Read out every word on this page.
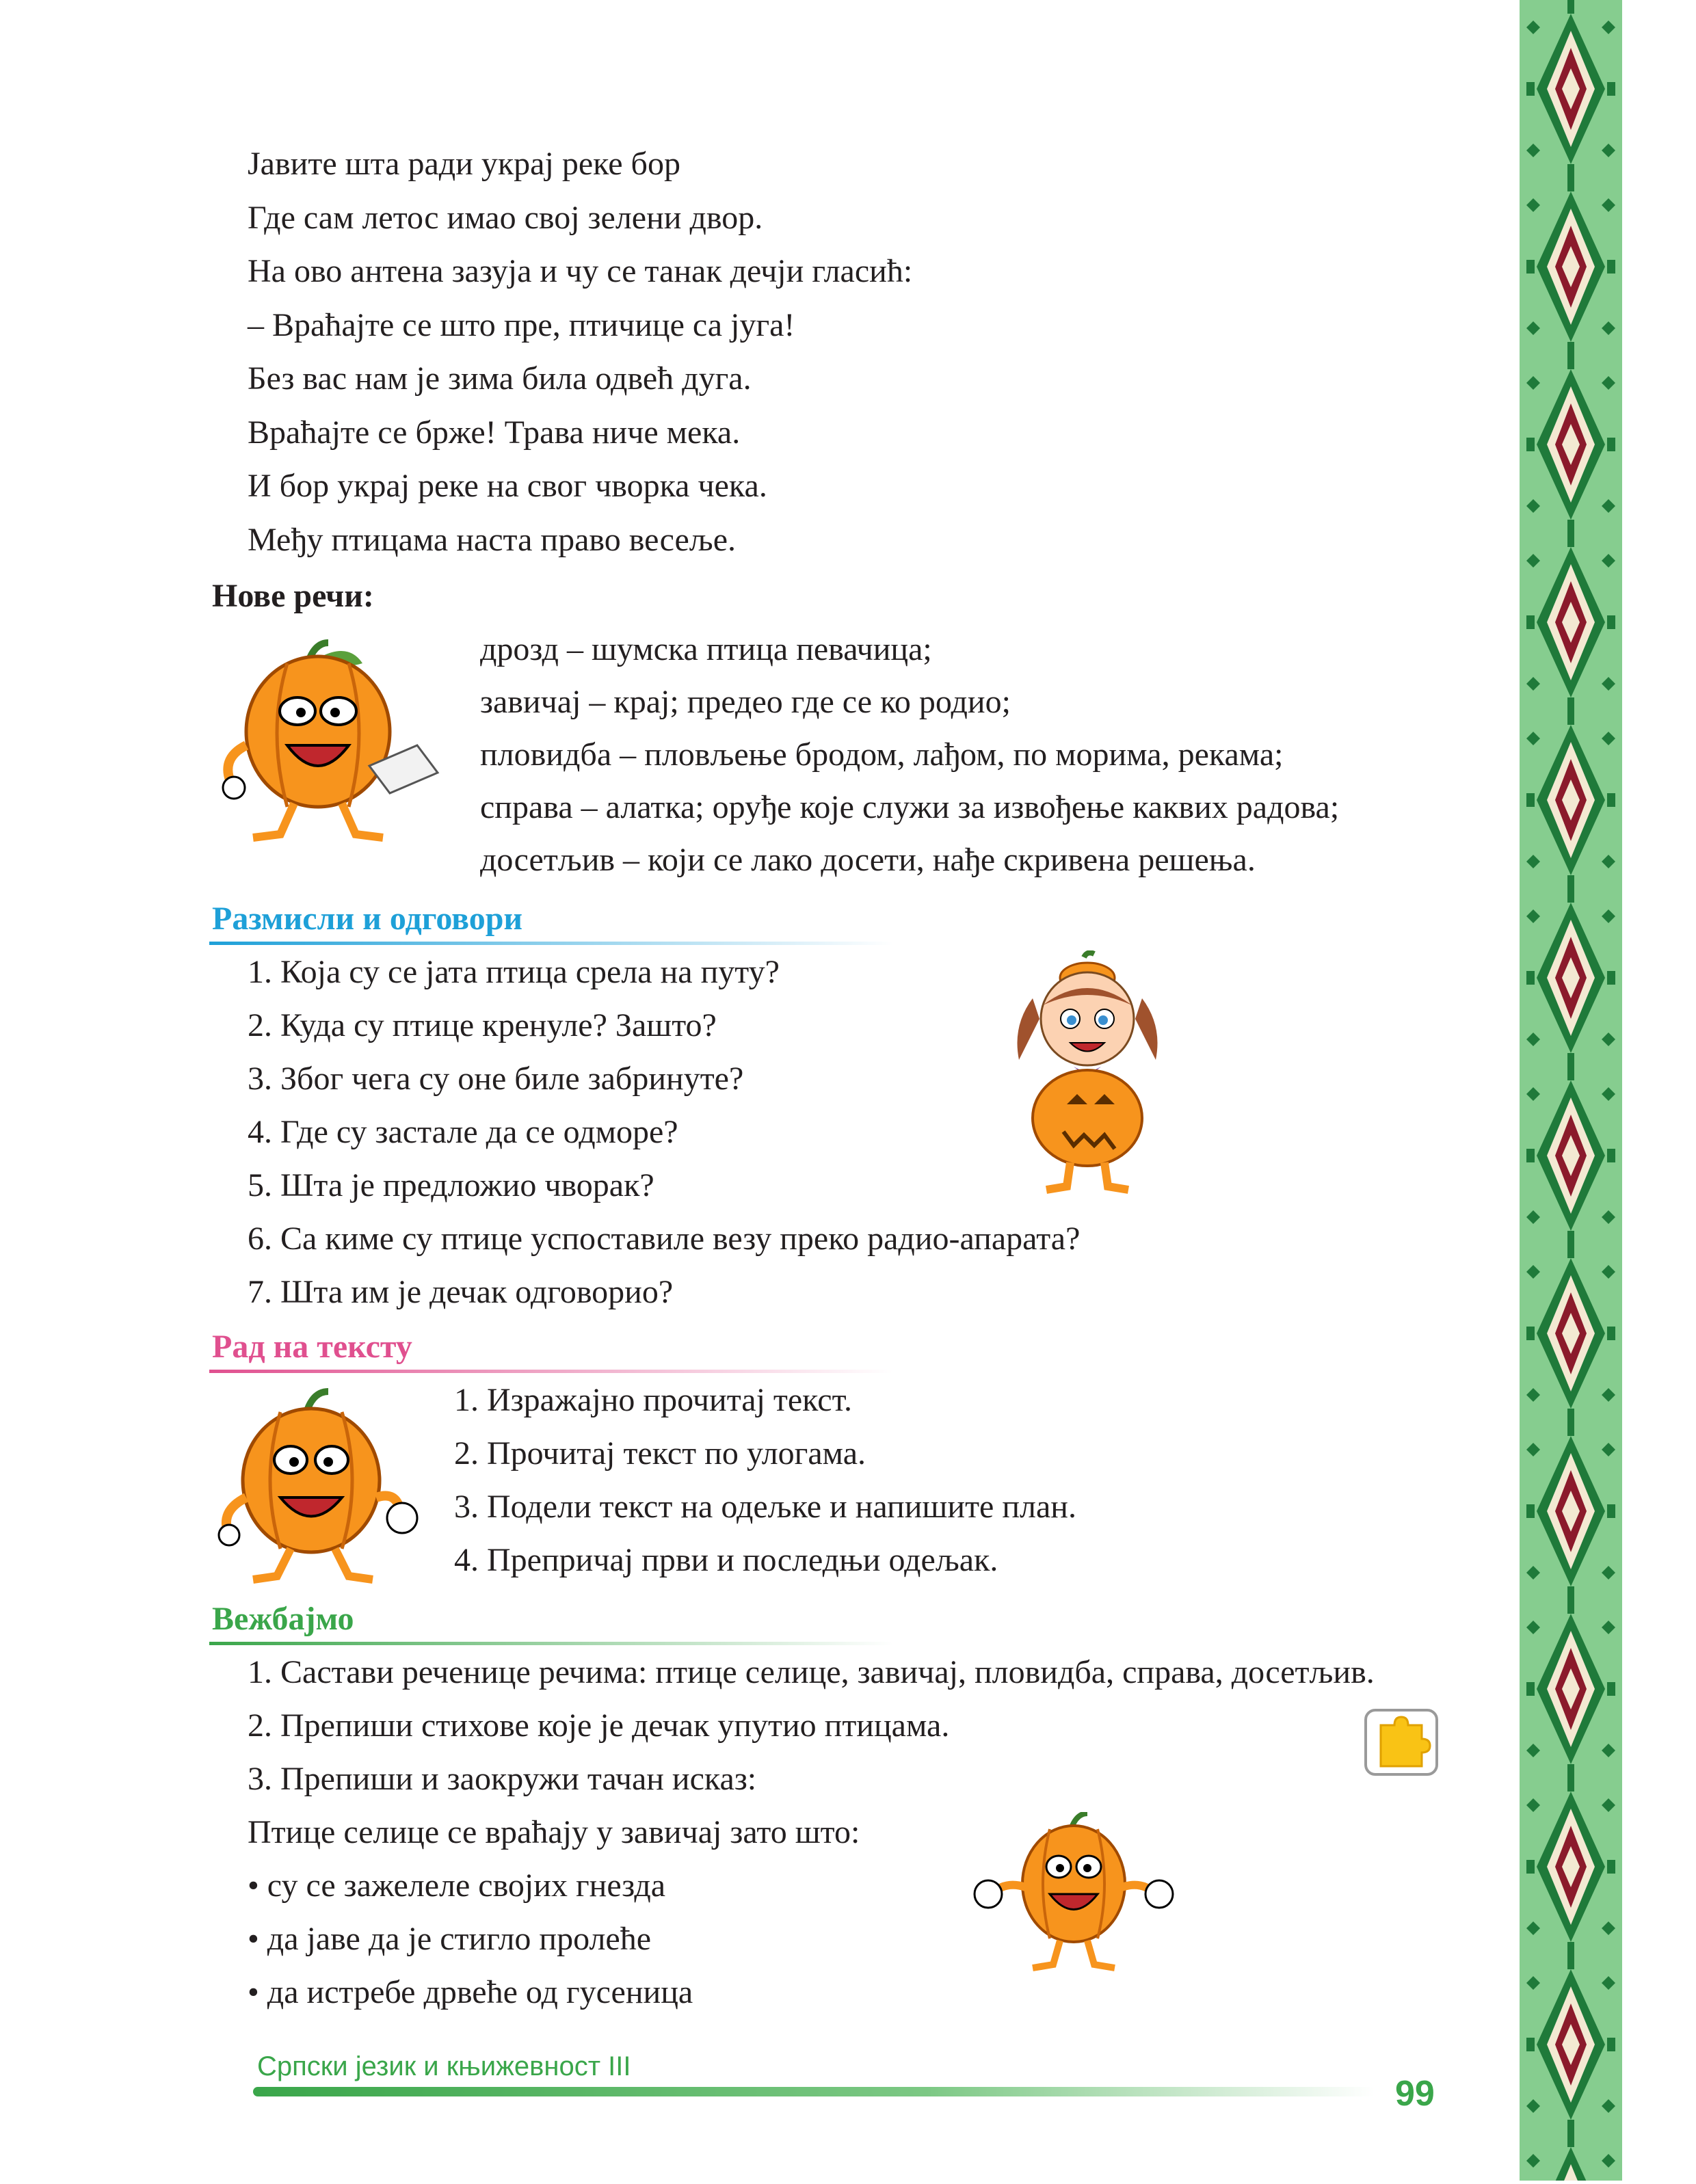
Јавите шта ради украј реке бор
Где сам летос имао свој зелени двор.
На ово антена зазуја и чу се танак дечји гласић:
– Враћајте се што пре, птичице са југа!
Без вас нам је зима била одвећ дуга.
Враћајте се брже! Трава ниче мека.
И бор украј реке на свог чворка чека.
Међу птицама наста право весеље.
Нове речи:
дрозд – шумска птица певачица;
завичај – крај; предео где се ко родио;
пловидба – пловљење бродом, лађом, по морима, рекама;
справа – алатка; оруђе које служи за извођење каквих радова;
досетљив – који се лако досети, нађе скривена решења.
Размисли и одговори
1. Која су се јата птица срела на путу?
2. Куда су птице кренуле? Зашто?
3. Због чега су оне биле забринуте?
4. Где су застале да се одморе?
5. Шта је предложио чворак?
6. Са киме су птице успоставиле везу преко радио-апарата?
7. Шта им је дечак одговорио?
Рад на тексту
1. Изражајно прочитај текст.
2. Прочитај текст по улогама.
3. Подели текст на одељке и напишите план.
4. Препричај први и последњи одељак.
Вежбајмо
1. Састави реченице речима: птице селице, завичај, пловидба, справа, досетљив.
2. Препиши стихове које је дечак упутио птицама.
3. Препиши и заокружи тачан исказ:
Птице селице се враћају у завичај зато што:
• су се зажелеле својих гнезда
• да јаве да је стигло пролеће
• да истребе дрвеће од гусеница
Српски језик и књижевност III
99
